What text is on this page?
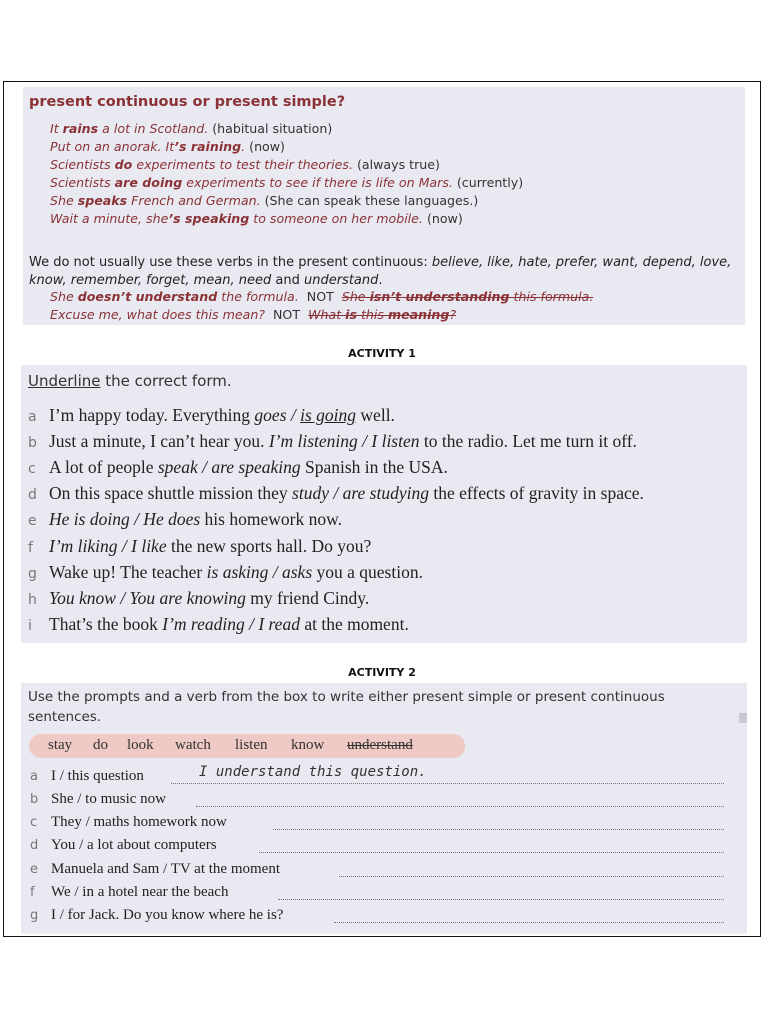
present continuous or present simple?
It rains a lot in Scotland. (habitual situation)
Put on an anorak. It’s raining. (now)
Scientists do experiments to test their theories. (always true)
Scientists are doing experiments to see if there is life on Mars. (currently)
She speaks French and German. (She can speak these languages.)
Wait a minute, she’s speaking to someone on her mobile. (now)
We do not usually use these verbs in the present continuous: believe, like, hate, prefer, want, depend, love, know, remember, forget, mean, need and understand.
She doesn’t understand the formula. NOT She isn’t understanding this formula.
Excuse me, what does this mean? NOT What is this meaning?
ACTIVITY 1
Underline the correct form.
a I’m happy today. Everything goes / is going well.
b Just a minute, I can’t hear you. I’m listening / I listen to the radio. Let me turn it off.
c A lot of people speak / are speaking Spanish in the USA.
d On this space shuttle mission they study / are studying the effects of gravity in space.
e He is doing / He does his homework now.
f I’m liking / I like the new sports hall. Do you?
g Wake up! The teacher is asking / asks you a question.
h You know / You are knowing my friend Cindy.
i That’s the book I’m reading / I read at the moment.
ACTIVITY 2
Use the prompts and a verb from the box to write either present simple or present continuous sentences.
stay do look watch listen know understand
a I / this question	I understand this question.
b She / to music now
c They / maths homework now
d You / a lot about computers
e Manuela and Sam / TV at the moment
f We / in a hotel near the beach
g I / for Jack. Do you know where he is?
